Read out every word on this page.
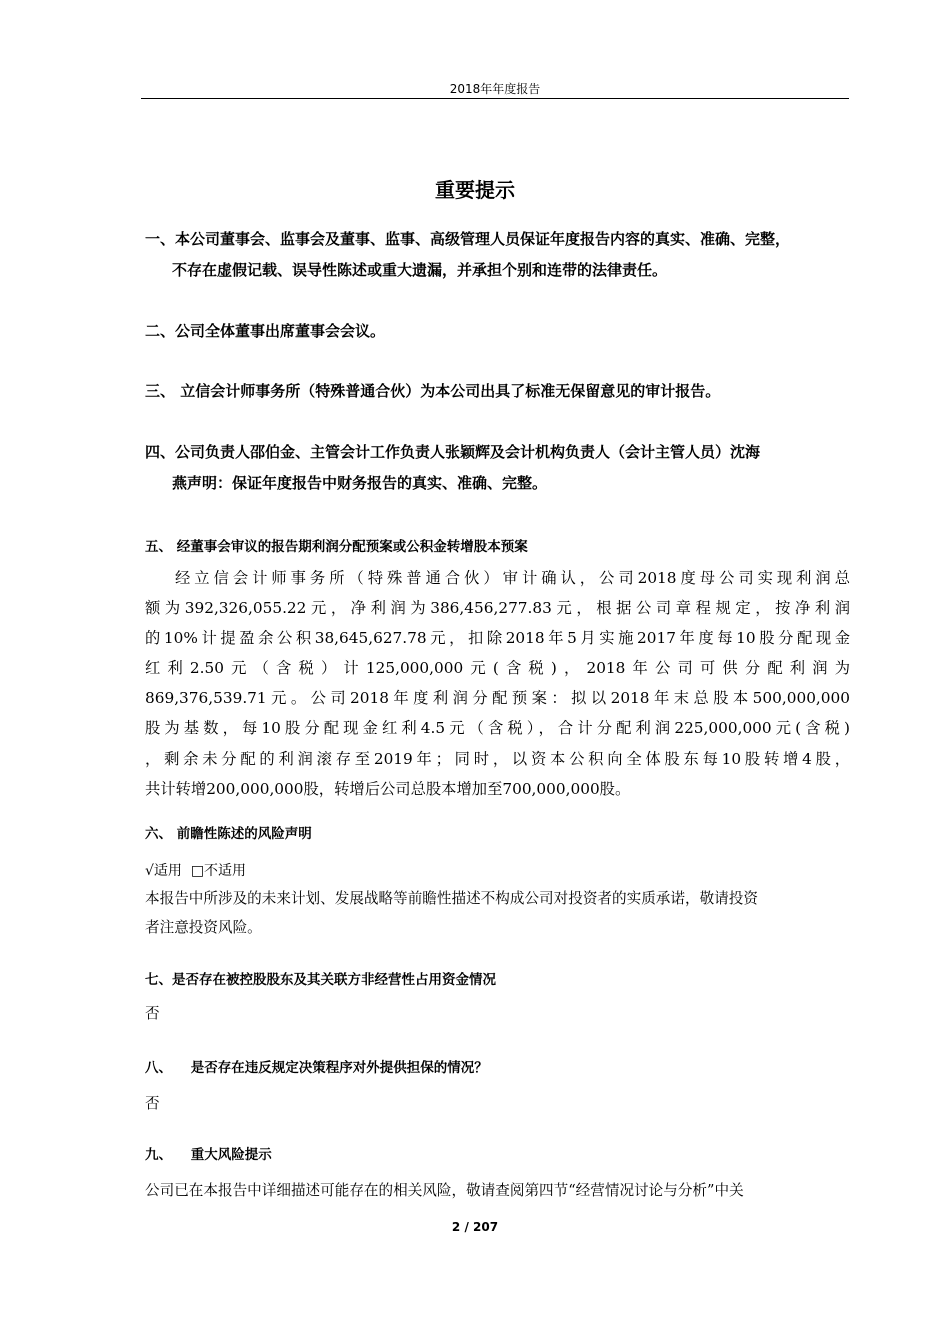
2018年年度报告
重要提示
一、本公司董事会、监事会及董事、监事、高级管理人员保证年度报告内容的真实、准确、完整，
不存在虚假记载、误导性陈述或重大遗漏，并承担个别和连带的法律责任。
二、公司全体董事出席董事会会议。
三、 立信会计师事务所（特殊普通合伙）为本公司出具了标准无保留意见的审计报告。
四、公司负责人邵伯金、主管会计工作负责人张颖辉及会计机构负责人（会计主管人员）沈海
燕声明：保证年度报告中财务报告的真实、准确、完整。
五、 经董事会审议的报告期利润分配预案或公积金转增股本预案
经立信会计师事务所（特殊普通合伙）审计确认，公司2018度母公司实现利润总
额为392,326,055.22元，净利润为386,456,277.83元，根据公司章程规定，按净利润
的10%计提盈余公积38,645,627.78元，扣除2018年5月实施2017年度每10股分配现金
红利2.50元（含税）计125,000,000元(含税)，2018年公司可供分配利润为
869,376,539.71元。公司2018年度利润分配预案：拟以2018年末总股本500,000,000
股为基数，每10股分配现金红利4.5元（含税），合计分配利润225,000,000元(含税)
，剩余未分配的利润滚存至2019年；同时，以资本公积向全体股东每10股转增4股，
共计转增200,000,000股，转增后公司总股本增加至700,000,000股。
六、 前瞻性陈述的风险声明
√适用 □不适用
本报告中所涉及的未来计划、发展战略等前瞻性描述不构成公司对投资者的实质承诺，敬请投资
者注意投资风险。
七、是否存在被控股股东及其关联方非经营性占用资金情况
否
八、    是否存在违反规定决策程序对外提供担保的情况？
否
九、    重大风险提示
公司已在本报告中详细描述可能存在的相关风险，敬请查阅第四节“经营情况讨论与分析”中关
2 / 207
